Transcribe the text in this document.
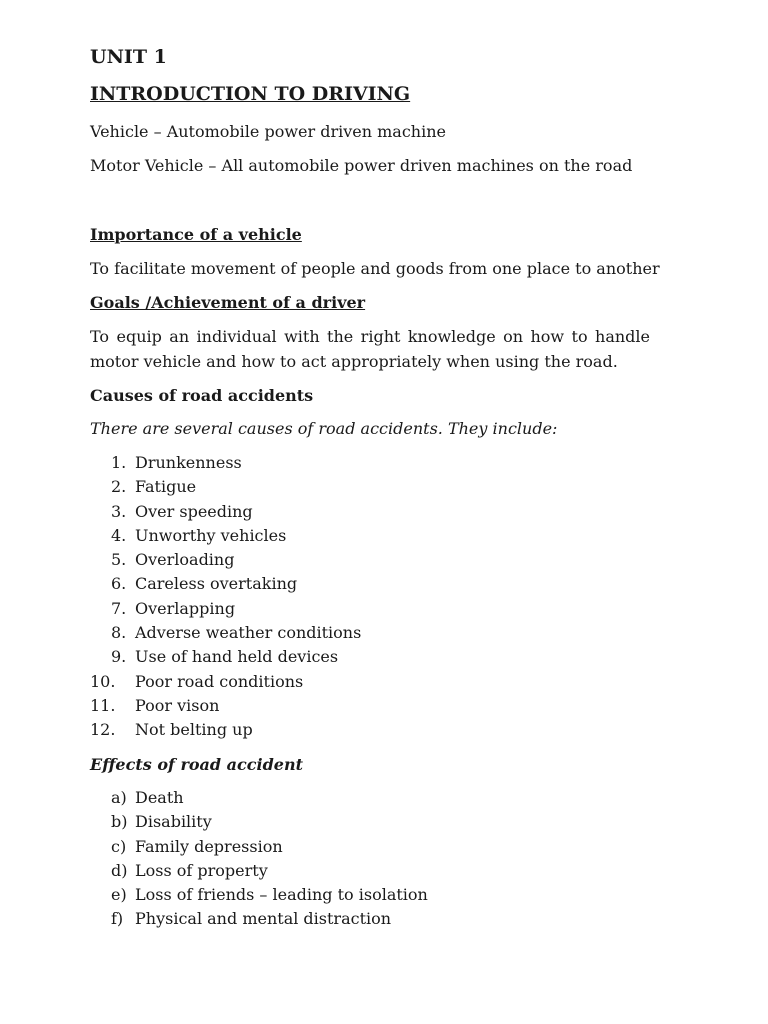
UNIT 1
INTRODUCTION TO DRIVING

Vehicle – Automobile power driven machine

Motor Vehicle – All automobile power driven machines on the road

Importance of a vehicle

To facilitate movement of people and goods from one place to another

Goals /Achievement of a driver

To equip an individual with the right knowledge on how to handle motor vehicle and how to act appropriately when using the road.

Causes of road accidents

There are several causes of road accidents. They include:

1. Drunkenness
2. Fatigue
3. Over speeding
4. Unworthy vehicles
5. Overloading
6. Careless overtaking
7. Overlapping
8. Adverse weather conditions
9. Use of hand held devices
10. Poor road conditions
11. Poor vison
12. Not belting up
Effects of road accident
a) Death
b) Disability
c) Family depression
d) Loss of property
e) Loss of friends – leading to isolation
f) Physical and mental distraction
